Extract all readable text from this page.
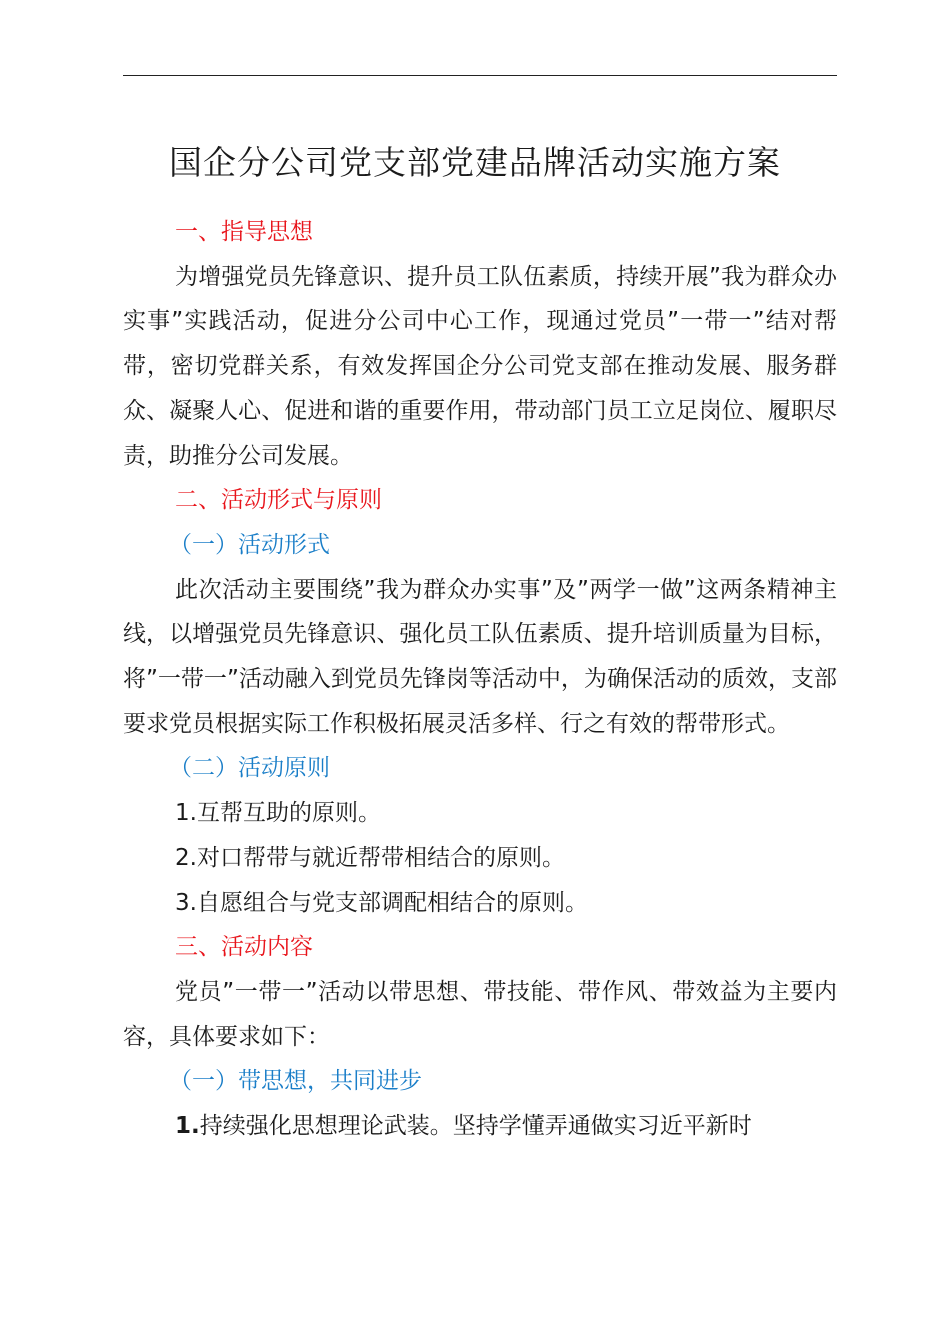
国企分公司党支部党建品牌活动实施方案

一、指导思想

为增强党员先锋意识、提升员工队伍素质，持续开展”我为群众办实事”实践活动，促进分公司中心工作，现通过党员”一带一”结对帮带，密切党群关系，有效发挥国企分公司党支部在推动发展、服务群众、凝聚人心、促进和谐的重要作用，带动部门员工立足岗位、履职尽责，助推分公司发展。

二、活动形式与原则

（一）活动形式

此次活动主要围绕”我为群众办实事”及”两学一做”这两条精神主线，以增强党员先锋意识、强化员工队伍素质、提升培训质量为目标，将”一带一”活动融入到党员先锋岗等活动中，为确保活动的质效，支部要求党员根据实际工作积极拓展灵活多样、行之有效的帮带形式。

（二）活动原则

1.互帮互助的原则。

2.对口帮带与就近帮带相结合的原则。

3.自愿组合与党支部调配相结合的原则。

三、活动内容

党员”一带一”活动以带思想、带技能、带作风、带效益为主要内容，具体要求如下：

（一）带思想，共同进步

1.持续强化思想理论武装。坚持学懂弄通做实习近平新时
